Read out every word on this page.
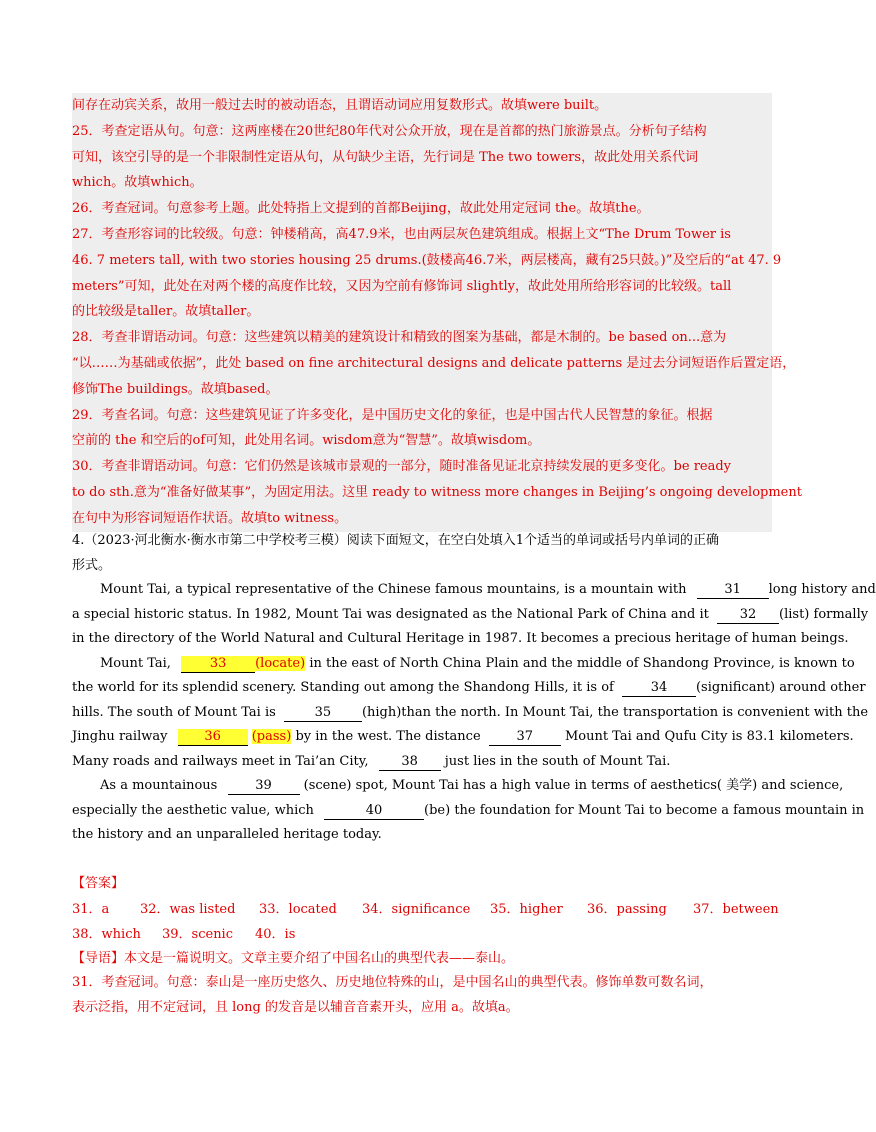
间存在动宾关系，故用一般过去时的被动语态，且谓语动词应用复数形式。故填were built。
25．考查定语从句。句意：这两座楼在20世纪80年代对公众开放，现在是首都的热门旅游景点。分析句子结构
可知，该空引导的是一个非限制性定语从句，从句缺少主语，先行词是 The two towers，故此处用关系代词
which。故填which。
26．考查冠词。句意参考上题。此处特指上文提到的首都Beijing，故此处用定冠词 the。故填the。
27．考查形容词的比较级。句意：钟楼稍高，高47.9米，也由两层灰色建筑组成。根据上文“The Drum Tower is
46. 7 meters tall, with two stories housing 25 drums.(鼓楼高46.7米，两层楼高，藏有25只鼓。)”及空后的“at 47. 9
meters”可知，此处在对两个楼的高度作比较，又因为空前有修饰词 slightly，故此处用所给形容词的比较级。tall
的比较级是taller。故填taller。
28．考查非谓语动词。句意：这些建筑以精美的建筑设计和精致的图案为基础，都是木制的。be based on...意为
“以……为基础或依据”，此处 based on fine architectural designs and delicate patterns 是过去分词短语作后置定语，
修饰The buildings。故填based。
29．考查名词。句意：这些建筑见证了许多变化，是中国历史文化的象征，也是中国古代人民智慧的象征。根据
空前的 the 和空后的of可知，此处用名词。wisdom意为“智慧”。故填wisdom。
30．考查非谓语动词。句意：它们仍然是该城市景观的一部分，随时准备见证北京持续发展的更多变化。be ready
to do sth.意为“准备好做某事”，为固定用法。这里 ready to witness more changes in Beijing’s ongoing development
在句中为形容词短语作状语。故填to witness。
4.（2023·河北衡水·衡水市第二中学校考三模）阅读下面短文，在空白处填入1个适当的单词或括号内单词的正确
形式。
Mount Tai, a typical representative of the Chinese famous mountains, is a mountain with	31 long history and
a special historic status. In 1982, Mount Tai was designated as the National Park of China and it 32 (list) formally
in the directory of the World Natural and Cultural Heritage in 1987. It becomes a precious heritage of human beings.
Mount Tai,	33 (locate) in the east of North China Plain and the middle of Shandong Province, is known to
the world for its splendid scenery. Standing out among the Shandong Hills, it is of	34 (significant) around other
hills. The south of Mount Tai is	35 (high)than the north. In Mount Tai, the transportation is convenient with the
Jinghu railway	36 (pass) by in the west. The distance	37 Mount Tai and Qufu City is 83.1 kilometers.
Many roads and railways meet in Tai’an City,	38 just lies in the south of Mount Tai.
As a mountainous	39 (scene) spot, Mount Tai has a high value in terms of aesthetics( 美学) and science,
especially the aesthetic value, which	40	(be) the foundation for Mount Tai to become a famous mountain in
the history and an unparalleled heritage today.
【答案】
31．a 32．was listed 33．located 34．significance 35．higher 36．passing 37．between
38．which 39．scenic 40．is
【导语】本文是一篇说明文。文章主要介绍了中国名山的典型代表——泰山。
31．考查冠词。句意：泰山是一座历史悠久、历史地位特殊的山，是中国名山的典型代表。修饰单数可数名词，
表示泛指，用不定冠词，且 long 的发音是以辅音音素开头，应用 a。故填a。
